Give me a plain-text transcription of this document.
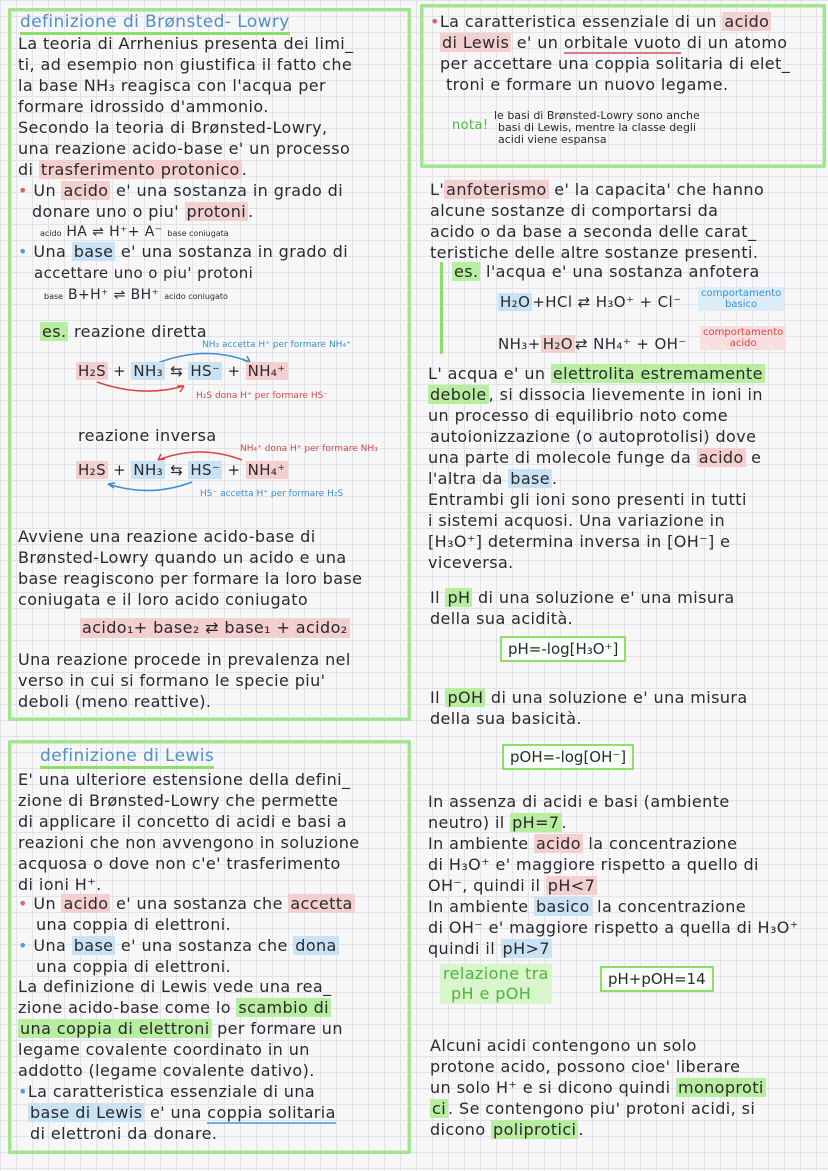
definizione di Brønsted- Lowry
La teoria di Arrhenius presenta dei limi_
ti, ad esempio non giustifica il fatto che
la base NH₃ reagisca con l'acqua per
formare idrossido d'ammonio.
Secondo la teoria di Brønsted-Lowry,
una reazione acido-base e' un processo
di trasferimento protonico .
• Un acido e' una sostanza in grado di
donare uno o piu' protoni .
acido HA ⇌ H⁺+ A⁻ base coniugata
• Una base e' una sostanza in grado di
accettare uno o piu' protoni
base B+H⁺ ⇌ BH⁺ acido coniugato
es. reazione diretta
NH₃ accetta H⁺ per formare NH₄⁺
H₂S + NH₃ ⇆ HS⁻ + NH₄⁺
H₂S dona H⁺ per formare HS⁻
reazione inversa
NH₄⁺ dona H⁺ per formare NH₃
H₂S + NH₃ ⇆ HS⁻ + NH₄⁺
HS⁻ accetta H⁺ per formare H₂S
Avviene una reazione acido-base di
Brønsted-Lowry quando un acido e una
base reagiscono per formare la loro base
coniugata e il loro acido coniugato
acido₁+ base₂ ⇄ base₁ + acido₂
Una reazione procede in prevalenza nel
verso in cui si formano le specie piu'
deboli (meno reattive).
definizione di Lewis
E' una ulteriore estensione della defini_
zione di Brønsted-Lowry che permette
di applicare il concetto di acidi e basi a
reazioni che non avvengono in soluzione
acquosa o dove non c'e' trasferimento
di ioni H⁺.
• Un acido e' una sostanza che accetta
una coppia di elettroni.
• Una base e' una sostanza che dona
una coppia di elettroni.
La definizione di Lewis vede una rea_
zione acido-base come lo scambio di
una coppia di elettroni per formare un
legame covalente coordinato in un
addotto (legame covalente dativo).
•La caratteristica essenziale di una
base di Lewis e' una coppia solitaria
di elettroni da donare.
•La caratteristica essenziale di un acido
di Lewis e' un orbitale vuoto di un atomo
per accettare una coppia solitaria di elet_
troni e formare un nuovo legame.
nota!
le basi di Brønsted-Lowry sono anche
basi di Lewis, mentre la classe degli
acidi viene espansa
L' anfoterismo e' la capacita' che hanno
alcune sostanze di comportarsi da
acido o da base a seconda delle carat_
teristiche delle altre sostanze presenti.
es. l'acqua e' una sostanza anfotera
H₂O +HCl ⇄ H₃O⁺ + Cl⁻ comportamento
basico
NH₃+ H₂O ⇄ NH₄⁺ + OH⁻
comportamento
acido
L' acqua e' un elettrolita estremamente
debole , si dissocia lievemente in ioni in
un processo di equilibrio noto come
autoionizzazione (o autoprotolisi) dove
una parte di molecole funge da acido e
l'altra da base .
Entrambi gli ioni sono presenti in tutti
i sistemi acquosi. Una variazione in
[H₃O⁺] determina inversa in [OH⁻] e
viceversa.
Il pH di una soluzione e' una misura
della sua acidità.
pH=-log[H₃O⁺]
Il pOH di una soluzione e' una misura
della sua basicità.
pOH=-log[OH⁻]
In assenza di acidi e basi (ambiente
neutro) il pH=7 .
In ambiente acido la concentrazione
di H₃O⁺ e' maggiore rispetto a quello di
OH⁻, quindi il pH<7
In ambiente basico la concentrazione
di OH⁻ e' maggiore rispetto a quella di H₃O⁺
quindi il pH>7
relazione tra
pH e pOH
pH+pOH=14
Alcuni acidi contengono un solo
protone acido, possono cioe' liberare
un solo H⁺ e si dicono quindi monoproti
ci . Se contengono piu' protoni acidi, si
dicono poliprotici .
